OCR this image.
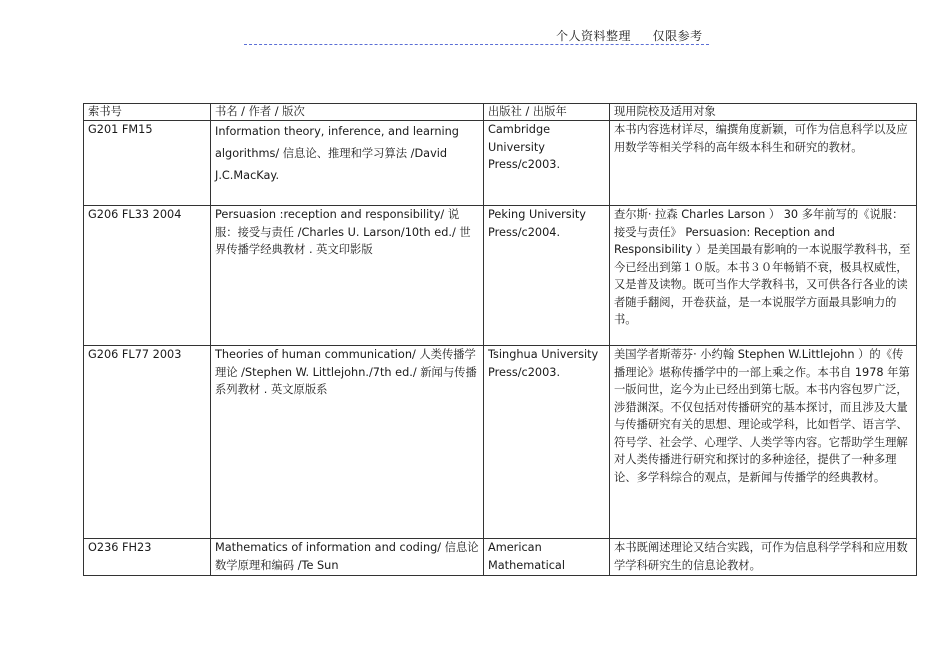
个人资料整理     仅限参考
索书号	书名 / 作者 / 版次	出版社 / 出版年	现用院校及适用对象
G201 FM15	Information theory, inference, and learning algorithms/ 信息论、推理和学习算法 /David J.C.MacKay.	Cambridge University Press/c2003.	本书内容选材详尽，编撰角度新颖，可作为信息科学以及应用数学等相关学科的高年级本科生和研究的教材。
G206 FL33 2004	Persuasion :reception and responsibility/ 说服：接受与责任 /Charles U. Larson/10th ed./ 世界传播学经典教材 . 英文印影版	Peking University Press/c2004.	查尔斯· 拉森 Charles Larson ） 30 多年前写的《说服：接受与责任》 Persuasion: Reception and Responsibility ）是美国最有影响的一本说服学教科书，至今已经出到第１０版。本书３０年畅销不衰，极具权威性，又是普及读物。既可当作大学教科书，又可供各行各业的读者随手翻阅，开卷获益，是一本说服学方面最具影响力的书。
G206 FL77 2003	Theories of human communication/ 人类传播学理论 /Stephen W. Littlejohn./7th ed./ 新闻与传播系列教材 . 英文原版系	Tsinghua University Press/c2003.	美国学者斯蒂芬· 小约翰 Stephen W.Littlejohn ）的《传播理论》堪称传播学中的一部上乘之作。本书自 1978 年第一版问世，迄今为止已经出到第七版。本书内容包罗广泛，涉猎渊深。不仅包括对传播研究的基本探讨，而且涉及大量与传播研究有关的思想、理论或学科，比如哲学、语言学、符号学、社会学、心理学、人类学等内容。它帮助学生理解对人类传播进行研究和探讨的多种途径，提供了一种多理论、多学科综合的观点，是新闻与传播学的经典教材。
O236 FH23	Mathematics of information and coding/ 信息论数学原理和编码 /Te Sun	American Mathematical	本书既阐述理论又结合实践，可作为信息科学学科和应用数学学科研究生的信息论教材。
